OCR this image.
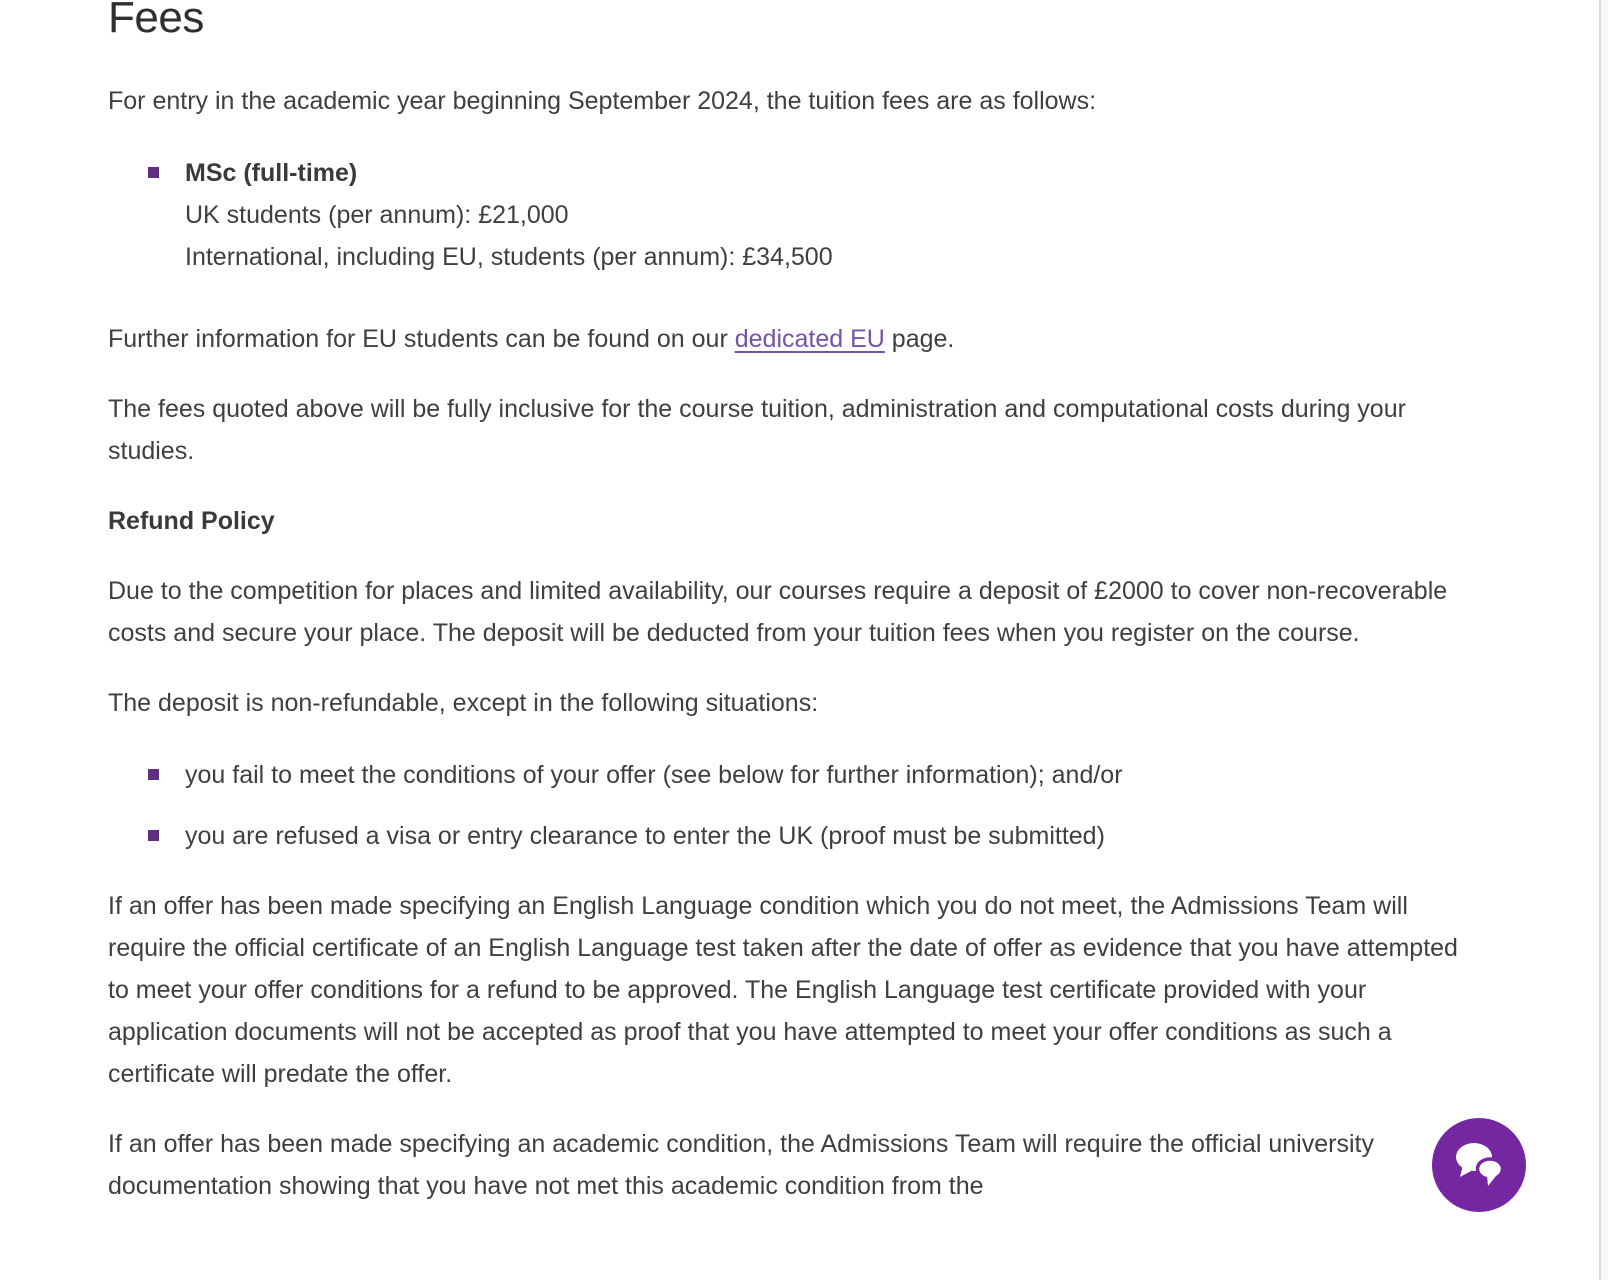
Fees

For entry in the academic year beginning September 2024, the tuition fees are as follows:

MSc (full-time)
UK students (per annum): £21,000
International, including EU, students (per annum): £34,500

Further information for EU students can be found on our dedicated EU page.

The fees quoted above will be fully inclusive for the course tuition, administration and computational costs during your studies.

Refund Policy

Due to the competition for places and limited availability, our courses require a deposit of £2000 to cover non-recoverable costs and secure your place. The deposit will be deducted from your tuition fees when you register on the course.

The deposit is non-refundable, except in the following situations:

you fail to meet the conditions of your offer (see below for further information); and/or
you are refused a visa or entry clearance to enter the UK (proof must be submitted)

If an offer has been made specifying an English Language condition which you do not meet, the Admissions Team will require the official certificate of an English Language test taken after the date of offer as evidence that you have attempted to meet your offer conditions for a refund to be approved. The English Language test certificate provided with your application documents will not be accepted as proof that you have attempted to meet your offer conditions as such a certificate will predate the offer.

If an offer has been made specifying an academic condition, the Admissions Team will require the official university documentation showing that you have not met this academic condition from the
